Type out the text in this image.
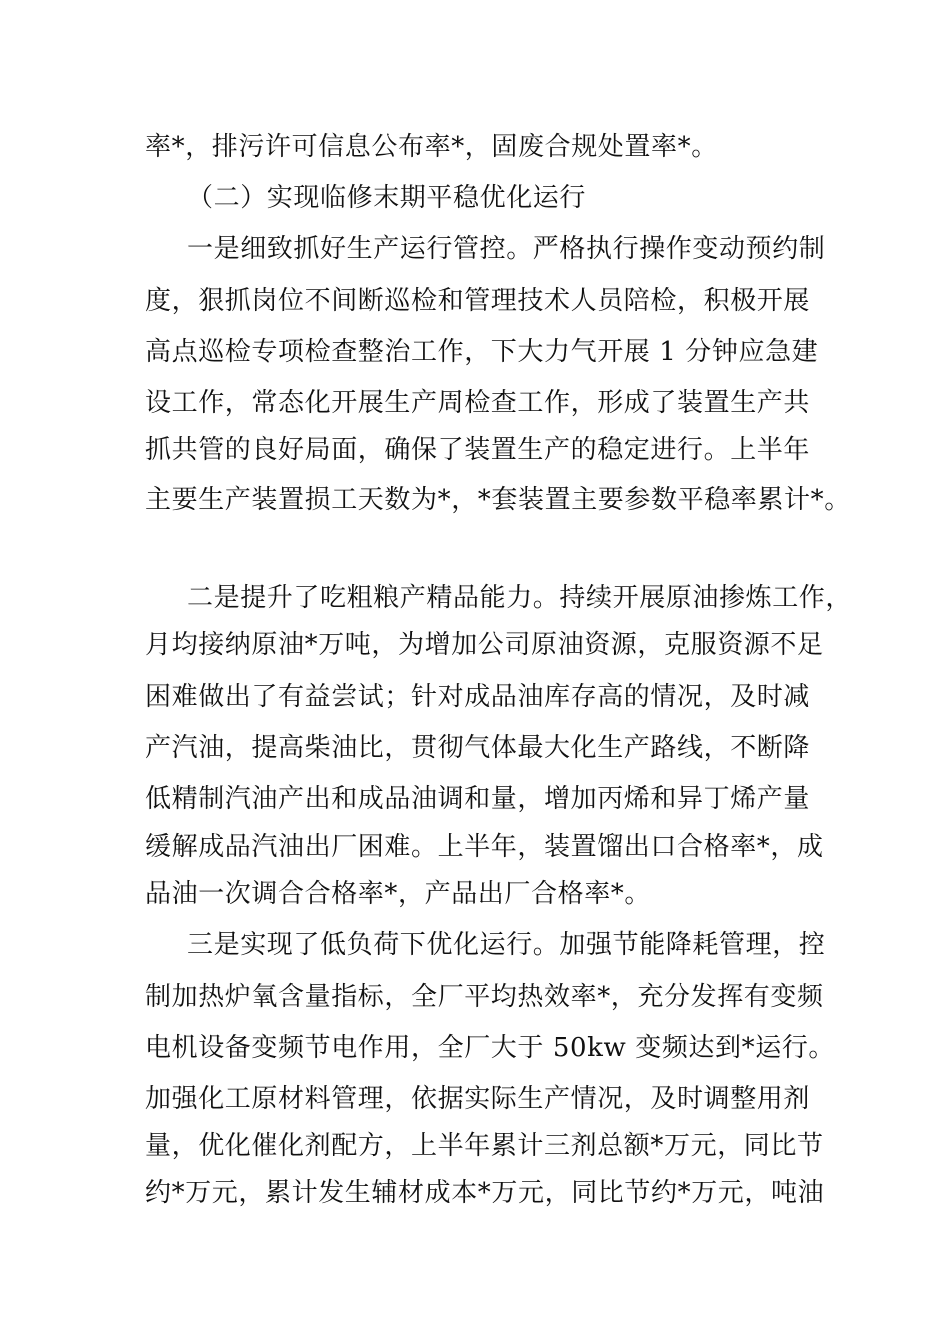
率*，排污许可信息公布率*，固废合规处置率*。
（二）实现临修末期平稳优化运行
一是细致抓好生产运行管控。严格执行操作变动预约制
度，狠抓岗位不间断巡检和管理技术人员陪检，积极开展
高点巡检专项检查整治工作，下大力气开展 1 分钟应急建
设工作，常态化开展生产周检查工作，形成了装置生产共
抓共管的良好局面，确保了装置生产的稳定进行。上半年
主要生产装置损工天数为*，*套装置主要参数平稳率累计*。
二是提升了吃粗粮产精品能力。持续开展原油掺炼工作，
月均接纳原油*万吨，为增加公司原油资源，克服资源不足
困难做出了有益尝试；针对成品油库存高的情况，及时减
产汽油，提高柴油比，贯彻气体最大化生产路线，不断降
低精制汽油产出和成品油调和量，增加丙烯和异丁烯产量
缓解成品汽油出厂困难。上半年，装置馏出口合格率*，成
品油一次调合合格率*，产品出厂合格率*。
三是实现了低负荷下优化运行。加强节能降耗管理，控
制加热炉氧含量指标，全厂平均热效率*，充分发挥有变频
电机设备变频节电作用，全厂大于 50kw 变频达到*运行。
加强化工原材料管理，依据实际生产情况，及时调整用剂
量，优化催化剂配方，上半年累计三剂总额*万元，同比节
约*万元，累计发生辅材成本*万元，同比节约*万元，吨油
